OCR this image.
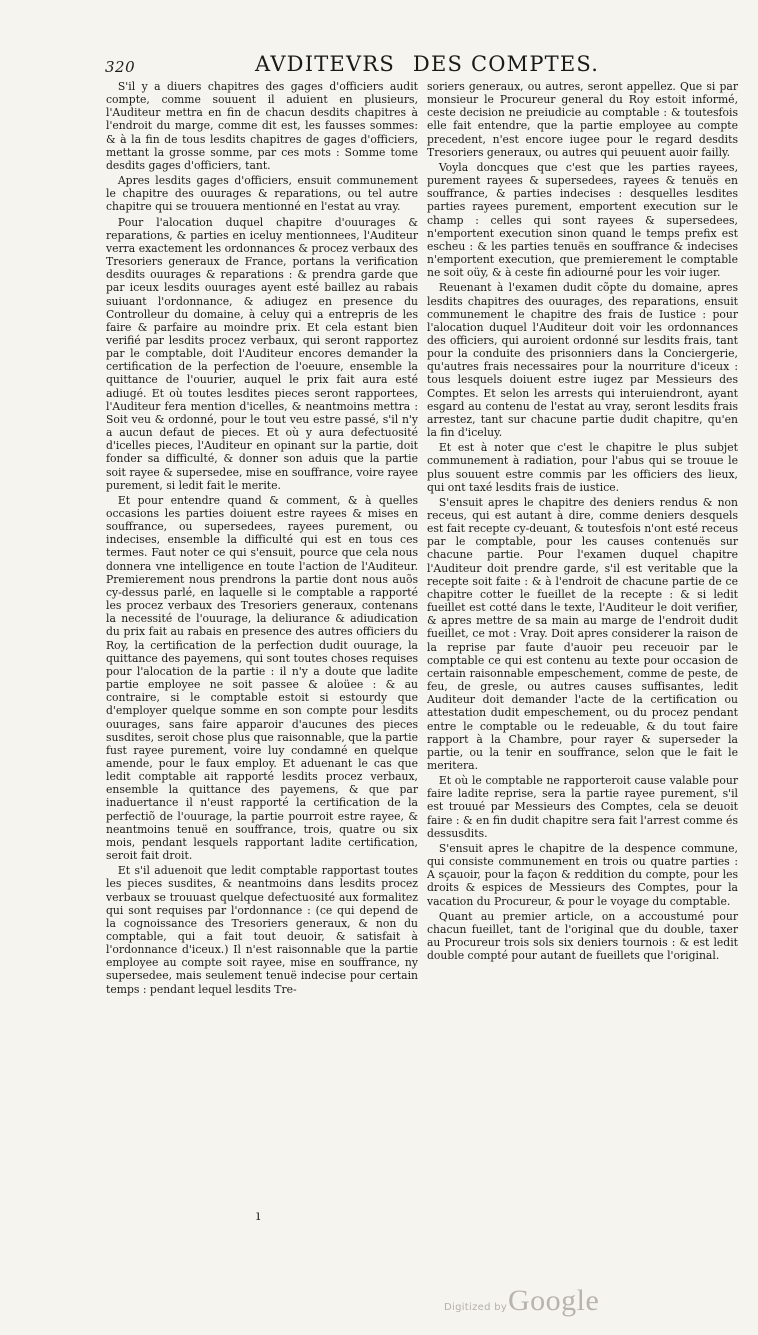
320	AVDITEVRS DES COMPTES.

S'il y a diuers chapitres des gages d'officiers audit compte, comme souuent il aduient en plusieurs, l'Auditeur mettra en fin de chacun desdits chapitres à l'endroit du marge, comme dit est, les fausses sommes: & à la fin de tous lesdits chapitres de gages d'officiers, mettant la grosse somme, par ces mots : Somme tome desdits gages d'officiers, tant.

Apres lesdits gages d'officiers, ensuit communement le chapitre des ouurages & reparations, ou tel autre chapitre qui se trouuera mentionné en l'estat au vray.

Pour l'alocation duquel chapitre d'ouurages & reparations, & parties en iceluy mentionnees, l'Auditeur verra exactement les ordonnances & procez verbaux des Tresoriers generaux de France, portans la verification desdits ouurages & reparations : & prendra garde que par iceux lesdits ouurages ayent esté baillez au rabais suiuant l'ordonnance, & adiugez en presence du Controlleur du domaine, à celuy qui a entrepris de les faire & parfaire au moindre prix. Et cela estant bien verifié par lesdits procez verbaux, qui seront rapportez par le comptable, doit l'Auditeur encores demander la certification de la perfection de l'oeuure, ensemble la quittance de l'ouurier, auquel le prix fait aura esté adiugé. Et où toutes lesdites pieces seront rapportees, l'Auditeur fera mention d'icelles, & neantmoins mettra : Soit veu & ordonné, pour le tout veu estre passé, s'il n'y a aucun defaut de pieces. Et où y aura defectuosité d'icelles pieces, l'Auditeur en opinant sur la partie, doit fonder sa difficulté, & donner son aduis que la partie soit rayee & supersedee, mise en souffrance, voire rayee purement, si ledit fait le merite.

Et pour entendre quand & comment, & à quelles occasions les parties doiuent estre rayees & mises en souffrance, ou supersedees, rayees purement, ou indecises, ensemble la difficulté qui est en tous ces termes. Faut noter ce qui s'ensuit, pource que cela nous donnera vne intelligence en toute l'action de l'Auditeur. Premierement nous prendrons la partie dont nous auõs cy-dessus parlé, en laquelle si le comptable a rapporté les procez verbaux des Tresoriers generaux, contenans la necessité de l'ouurage, la deliurance & adiudication du prix fait au rabais en presence des autres officiers du Roy, la certification de la perfection dudit ouurage, la quittance des payemens, qui sont toutes choses requises pour l'alocation de la partie : il n'y a doute que ladite partie employee ne soit passee & aloüee : & au contraire, si le comptable estoit si estourdy que d'employer quelque somme en son compte pour lesdits ouurages, sans faire apparoir d'aucunes des pieces susdites, seroit chose plus que raisonnable, que la partie fust rayee purement, voire luy condamné en quelque amende, pour le faux employ. Et aduenant le cas que ledit comptable ait rapporté lesdits procez verbaux, ensemble la quittance des payemens, & que par inaduertance il n'eust rapporté la certification de la perfectiõ de l'ouurage, la partie pourroit estre rayee, & neantmoins tenuë en souffrance, trois, quatre ou six mois, pendant lesquels rapportant ladite certification, seroit fait droit.

Et s'il aduenoit que ledit comptable rapportast toutes les pieces susdites, & neantmoins dans lesdits procez verbaux se trouuast quelque defectuosité aux formalitez qui sont requises par l'ordonnance : (ce qui depend de la cognoissance des Tresoriers generaux, & non du comptable, qui a fait tout deuoir, & satisfait à l'ordonnance d'iceux.) Il n'est raisonnable que la partie employee au compte soit rayee, mise en souffrance, ny supersedee, mais seulement tenuë indecise pour certain temps : pendant lequel lesdits Tre-

soriers generaux, ou autres, seront appellez. Que si par monsieur le Procureur general du Roy estoit informé, ceste decision ne preiudicie au comptable : & toutesfois elle fait entendre, que la partie employee au compte precedent, n'est encore iugee pour le regard desdits Tresoriers generaux, ou autres qui peuuent auoir failly.

Voyla doncques que c'est que les parties rayees, purement rayees & supersedees, rayees & tenuës en souffrance, & parties indecises : desquelles lesdites parties rayees purement, emportent execution sur le champ : celles qui sont rayees & supersedees, n'emportent execution sinon quand le temps prefix est escheu : & les parties tenuës en souffrance & indecises n'emportent execution, que premierement le comptable ne soit oüy, & à ceste fin adiourné pour les voir iuger.

Reuenant à l'examen dudit cõpte du domaine, apres lesdits chapitres des ouurages, des reparations, ensuit communement le chapitre des frais de Iustice : pour l'alocation duquel l'Auditeur doit voir les ordonnances des officiers, qui auroient ordonné sur lesdits frais, tant pour la conduite des prisonniers dans la Conciergerie, qu'autres frais necessaires pour la nourriture d'iceux : tous lesquels doiuent estre iugez par Messieurs des Comptes. Et selon les arrests qui interuiendront, ayant esgard au contenu de l'estat au vray, seront lesdits frais arrestez, tant sur chacune partie dudit chapitre, qu'en la fin d'iceluy.

Et est à noter que c'est le chapitre le plus subjet communement à radiation, pour l'abus qui se trouue le plus souuent estre commis par les officiers des lieux, qui ont taxé lesdits frais de iustice.

S'ensuit apres le chapitre des deniers rendus & non receus, qui est autant à dire, comme deniers desquels est fait recepte cy-deuant, & toutesfois n'ont esté receus par le comptable, pour les causes contenuës sur chacune partie. Pour l'examen duquel chapitre l'Auditeur doit prendre garde, s'il est veritable que la recepte soit faite : & à l'endroit de chacune partie de ce chapitre cotter le fueillet de la recepte : & si ledit fueillet est cotté dans le texte, l'Auditeur le doit verifier, & apres mettre de sa main au marge de l'endroit dudit fueillet, ce mot : Vray. Doit apres considerer la raison de la reprise par faute d'auoir peu receuoir par le comptable ce qui est contenu au texte pour occasion de certain raisonnable empeschement, comme de peste, de feu, de gresle, ou autres causes suffisantes, ledit Auditeur doit demander l'acte de la certification ou attestation dudit empeschement, ou du procez pendant entre le comptable ou le redeuable, & du tout faire rapport à la Chambre, pour rayer & superseder la partie, ou la tenir en souffrance, selon que le fait le meritera.

Et où le comptable ne rapporteroit cause valable pour faire ladite reprise, sera la partie rayee purement, s'il est trouué par Messieurs des Comptes, cela se deuoit faire : & en fin dudit chapitre sera fait l'arrest comme és dessusdits.

S'ensuit apres le chapitre de la despence commune, qui consiste communement en trois ou quatre parties : A sçauoir, pour la façon & reddition du compte, pour les droits & espices de Messieurs des Comptes, pour la vacation du Procureur, & pour le voyage du comptable.

Quant au premier article, on a accoustumé pour chacun fueillet, tant de l'original que du double, taxer au Procureur trois sols six deniers tournois : & est ledit double compté pour autant de fueillets que l'original.

ı
Digitized by Google
